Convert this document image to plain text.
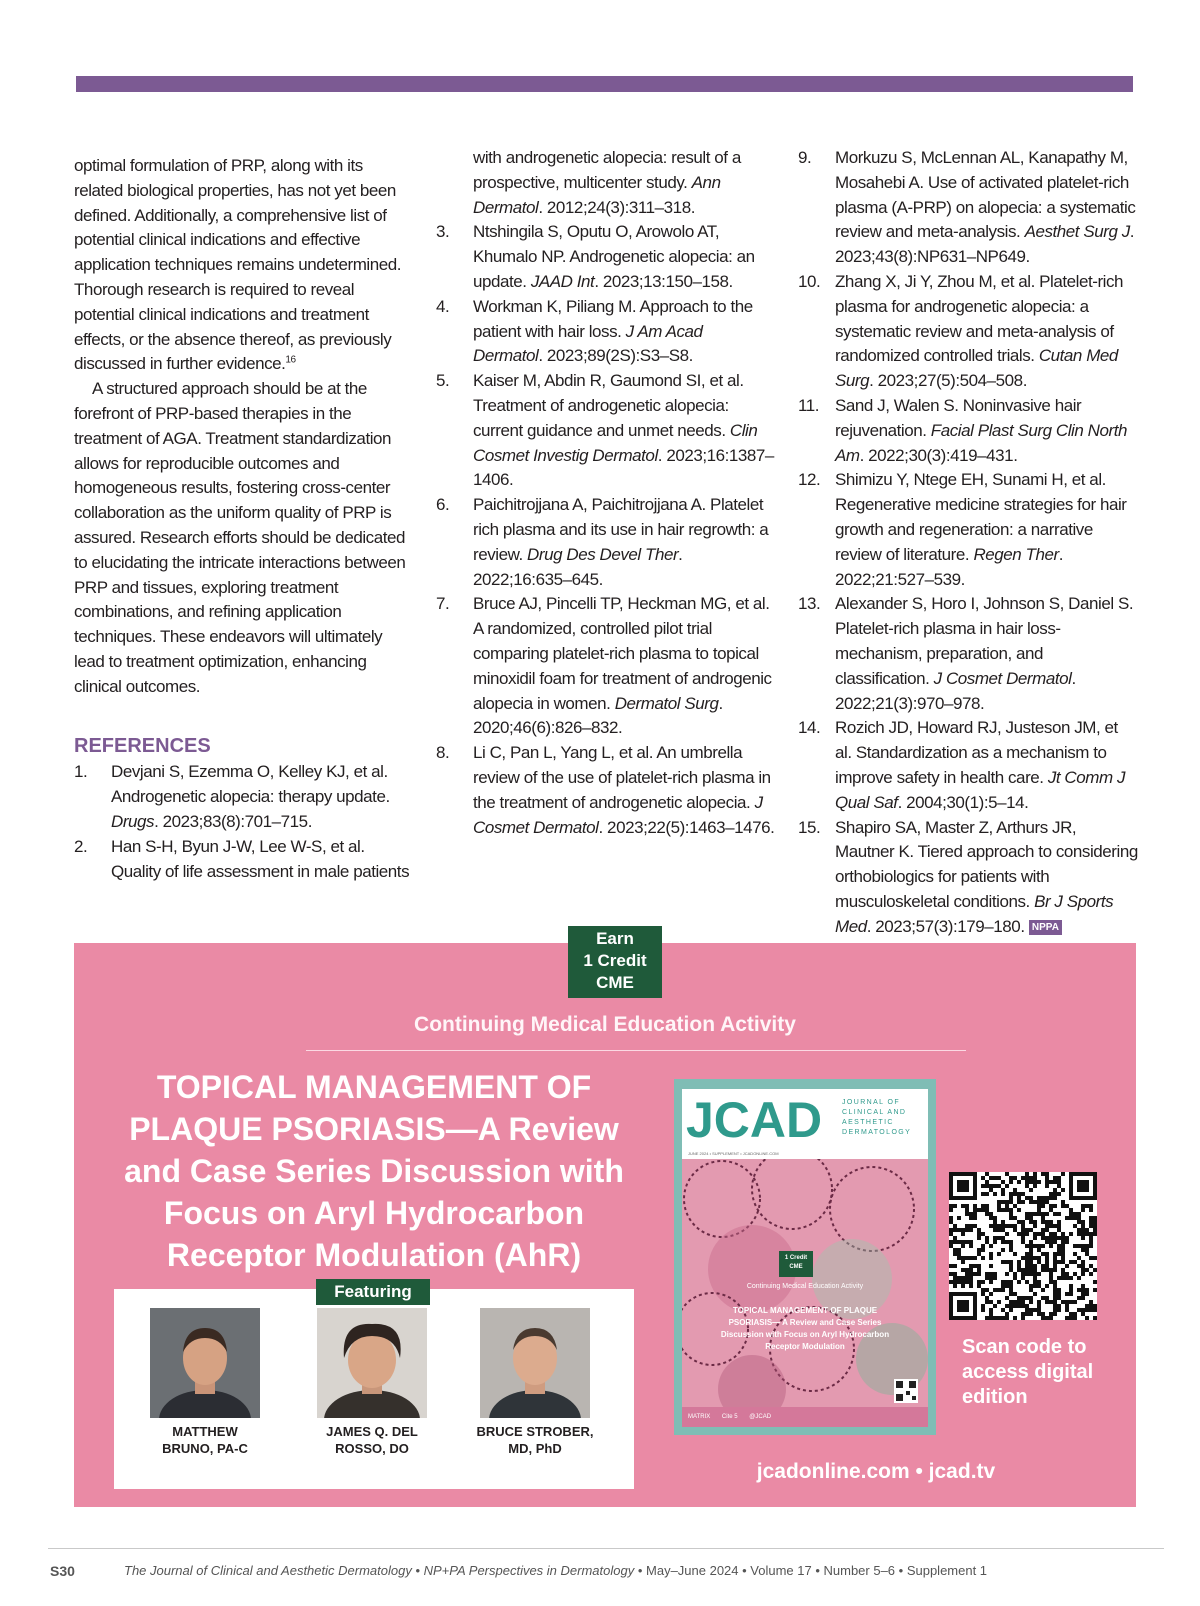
optimal formulation of PRP, along with its related biological properties, has not yet been defined. Additionally, a comprehensive list of potential clinical indications and effective application techniques remains undetermined. Thorough research is required to reveal potential clinical indications and treatment effects, or the absence thereof, as previously discussed in further evidence.$^{16}$

A structured approach should be at the forefront of PRP-based therapies in the treatment of AGA. Treatment standardization allows for reproducible outcomes and homogeneous results, fostering cross-center collaboration as the uniform quality of PRP is assured. Research efforts should be dedicated to elucidating the intricate interactions between PRP and tissues, exploring treatment combinations, and refining application techniques. These endeavors will ultimately lead to treatment optimization, enhancing clinical outcomes.

REFERENCES
1. Devjani S, Ezemma O, Kelley KJ, et al. Androgenetic alopecia: therapy update. Drugs. 2023;83(8):701–715.
2. Han S-H, Byun J-W, Lee W-S, et al. Quality of life assessment in male patients
with androgenetic alopecia: result of a prospective, multicenter study. Ann Dermatol. 2012;24(3):311–318.
3. Ntshingila S, Oputu O, Arowolo AT, Khumalo NP. Androgenetic alopecia: an update. JAAD Int. 2023;13:150–158.
4. Workman K, Piliang M. Approach to the patient with hair loss. J Am Acad Dermatol. 2023;89(2S):S3–S8.
5. Kaiser M, Abdin R, Gaumond SI, et al. Treatment of androgenetic alopecia: current guidance and unmet needs. Clin Cosmet Investig Dermatol. 2023;16:1387–1406.
6. Paichitrojjana A, Paichitrojjana A. Platelet rich plasma and its use in hair regrowth: a review. Drug Des Devel Ther. 2022;16:635–645.
7. Bruce AJ, Pincelli TP, Heckman MG, et al. A randomized, controlled pilot trial comparing platelet-rich plasma to topical minoxidil foam for treatment of androgenic alopecia in women. Dermatol Surg. 2020;46(6):826–832.
8. Li C, Pan L, Yang L, et al. An umbrella review of the use of platelet-rich plasma in the treatment of androgenetic alopecia. J Cosmet Dermatol. 2023;22(5):1463–1476.
9. Morkuzu S, McLennan AL, Kanapathy M, Mosahebi A. Use of activated platelet-rich plasma (A-PRP) on alopecia: a systematic review and meta-analysis. Aesthet Surg J.
2023;43(8):NP631–NP649.
10. Zhang X, Ji Y, Zhou M, et al. Platelet-rich plasma for androgenetic alopecia: a systematic review and meta-analysis of randomized controlled trials. Cutan Med Surg. 2023;27(5):504–508.
11. Sand J, Walen S. Noninvasive hair rejuvenation. Facial Plast Surg Clin North Am. 2022;30(3):419–431.
12. Shimizu Y, Ntege EH, Sunami H, et al. Regenerative medicine strategies for hair growth and regeneration: a narrative review of literature. Regen Ther. 2022;21:527–539.
13. Alexander S, Horo I, Johnson S, Daniel S. Platelet-rich plasma in hair loss-mechanism, preparation, and classification. J Cosmet Dermatol. 2022;21(3):970–978.
14. Rozich JD, Howard RJ, Justeson JM, et al. Standardization as a mechanism to improve safety in health care. Jt Comm J Qual Saf. 2004;30(1):5–14.
15. Shapiro SA, Master Z, Arthurs JR, Mautner K. Tiered approach to considering orthobiologics for patients with musculoskeletal conditions. Br J Sports Med. 2023;57(3):179–180. NPPA
Earn
1 Credit
CME
Continuing Medical Education Activity
TOPICAL MANAGEMENT OF
PLAQUE PSORIASIS—A Review
and Case Series Discussion with
Focus on Aryl Hydrocarbon
Receptor Modulation (AhR)
Featuring
MATTHEW
BRUNO, PA-C
JAMES Q. DEL
ROSSO, DO
BRUCE STROBER,
MD, PhD
JCAD	JOURNAL OF
CLINICAL AND
AESTHETIC
DERMATOLOGY
JUNE 2024 • SUPPLEMENT • JCADONLINE.COM
1 Credit
CME
Continuing Medical Education Activity
TOPICAL MANAGEMENT OF PLAQUE
PSORIASIS— A Review and Case Series
Discussion with Focus on Aryl Hydrocarbon
Receptor Modulation
MATRIX Cite 5 @JCAD
Scan code to
access digital
edition
jcadonline.com • jcad.tv
S30	The Journal of Clinical and Aesthetic Dermatology • NP+PA Perspectives in Dermatology • May–June 2024 • Volume 17 • Number 5–6 • Supplement 1
